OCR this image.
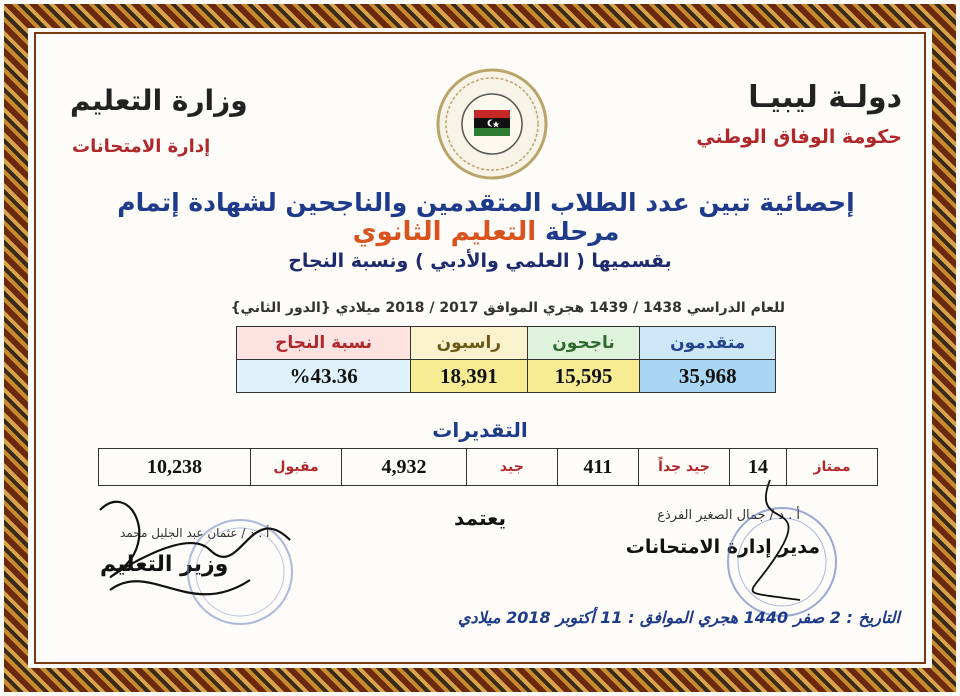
دولـة ليبيـا
حكومة الوفاق الوطني
وزارة التعليم
إدارة الامتحانات
إحصائية تبين عدد الطلاب المتقدمين والناجحين لشهادة إتمام مرحلة التعليم الثانوي
بقسميها ( العلمي والأدبي ) ونسبة النجاح
للعام الدراسي 1438 / 1439 هجري الموافق 2017 / 2018 ميلادي {الدور الثاني}
متقدمون	ناجحون	راسبون	نسبة النجاح
35,968	15,595	18,391	%43.36
التقديرات
ممتاز	14	جيد جداً	411	جيد	4,932	مقبول	10,238
يعتمد	أ . د / جمال الصغير الفرذع
مدير إدارة الامتحانات
أ . د / عثمان عبد الجليل محمد
وزير التعليم
التاريخ : 2 صفر 1440 هجري الموافق : 11 أكتوبر 2018 ميلادي
